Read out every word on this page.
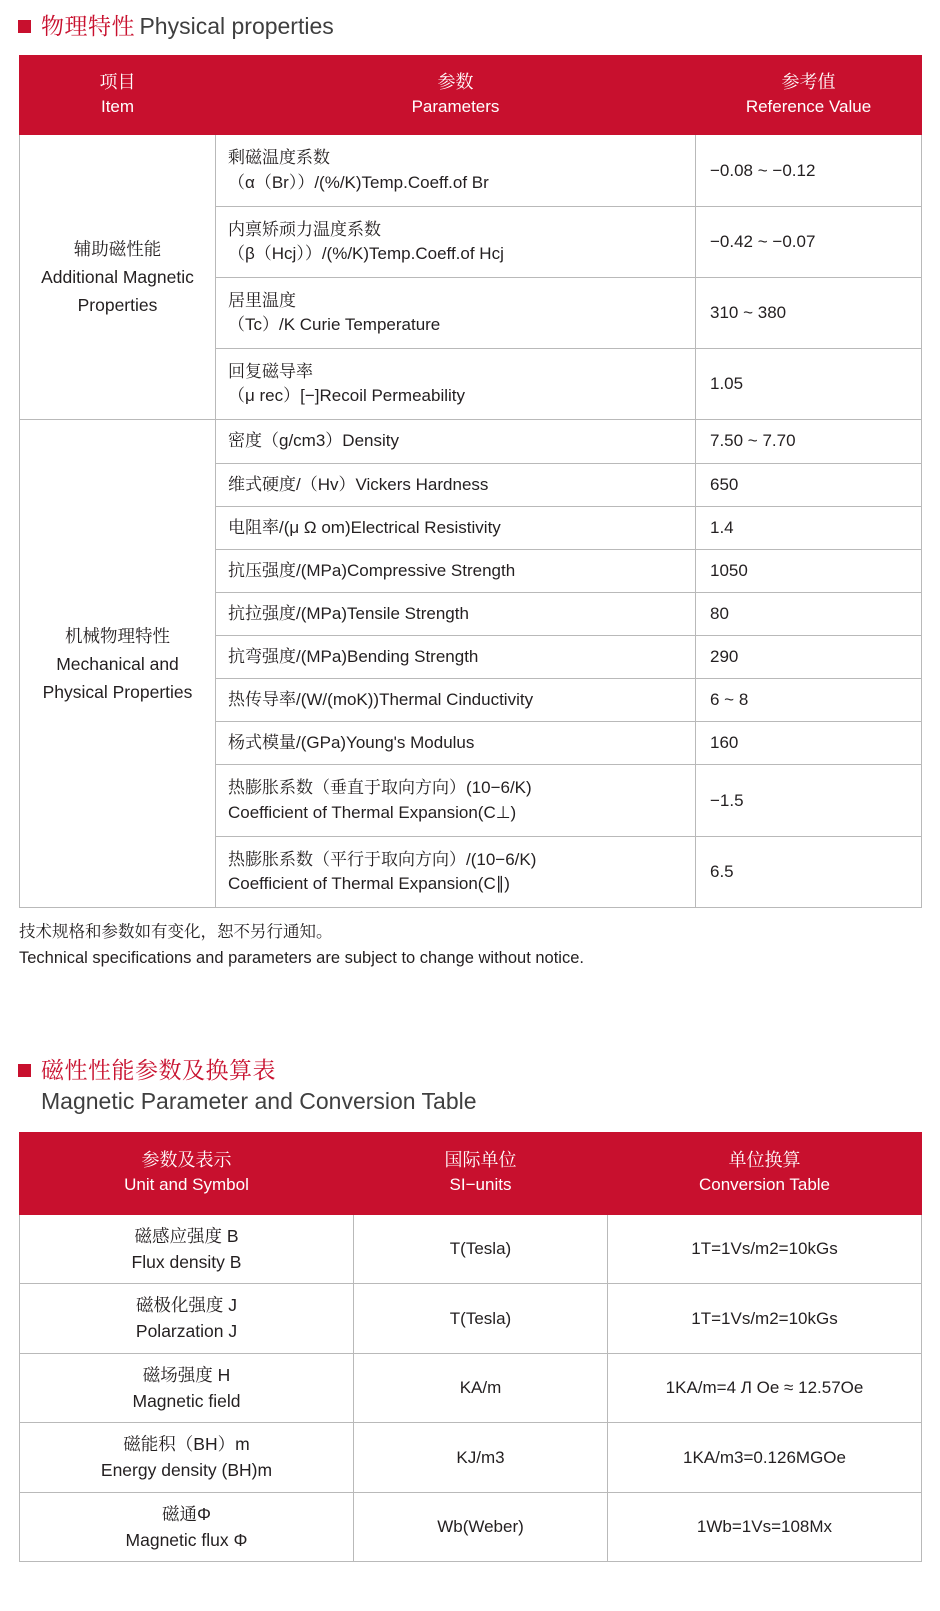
物理特性 Physical properties
项目
Item	参数
Parameters	参考值
Reference Value

辅助磁性能
Additional Magnetic Properties	剩磁温度系数
（α（Br））/(%/K)Temp.Coeff.of Br	−0.08 ~ −0.12

	内禀矫顽力温度系数
（β（Hcj））/(%/K)Temp.Coeff.of Hcj	−0.42 ~ −0.07

	居里温度
（Tc）/K Curie Temperature	310 ~ 380

	回复磁导率
（μ rec）[−]Recoil Permeability	1.05

机械物理特性
Mechanical and Physical Properties	密度（g/cm3）Density	7.50 ~ 7.70
	维式硬度/（Hv）Vickers Hardness	650
	电阻率/(μ Ω om)Electrical Resistivity	1.4
	抗压强度/(MPa)Compressive Strength	1050
	抗拉强度/(MPa)Tensile Strength	80
	抗弯强度/(MPa)Bending Strength	290
	热传导率/(W/(moK))Thermal Cinductivity	6 ~ 8
	杨式模量/(GPa)Young's Modulus	160

	热膨胀系数（垂直于取向方向）(10−6/K)
Coefficient of Thermal Expansion(C⊥)	−1.5

	热膨胀系数（平行于取向方向）/(10−6/K)
Coefficient of Thermal Expansion(C∥)	6.5
技术规格和参数如有变化，恕不另行通知。
Technical specifications and parameters are subject to change without notice.
磁性性能参数及换算表
Magnetic Parameter and Conversion Table
参数及表示
Unit and Symbol	国际单位
SI−units	单位换算
Conversion Table

磁感应强度 B
Flux density B	T(Tesla)	1T=1Vs/m2=10kGs

磁极化强度 J
Polarzation J	T(Tesla)	1T=1Vs/m2=10kGs

磁场强度 H
Magnetic field	KA/m	1KA/m=4 Л Oe ≈ 12.57Oe

磁能积（BH）m
Energy density (BH)m	KJ/m3	1KA/m3=0.126MGOe

磁通Φ
Magnetic flux Φ	Wb(Weber)	1Wb=1Vs=108Mx
